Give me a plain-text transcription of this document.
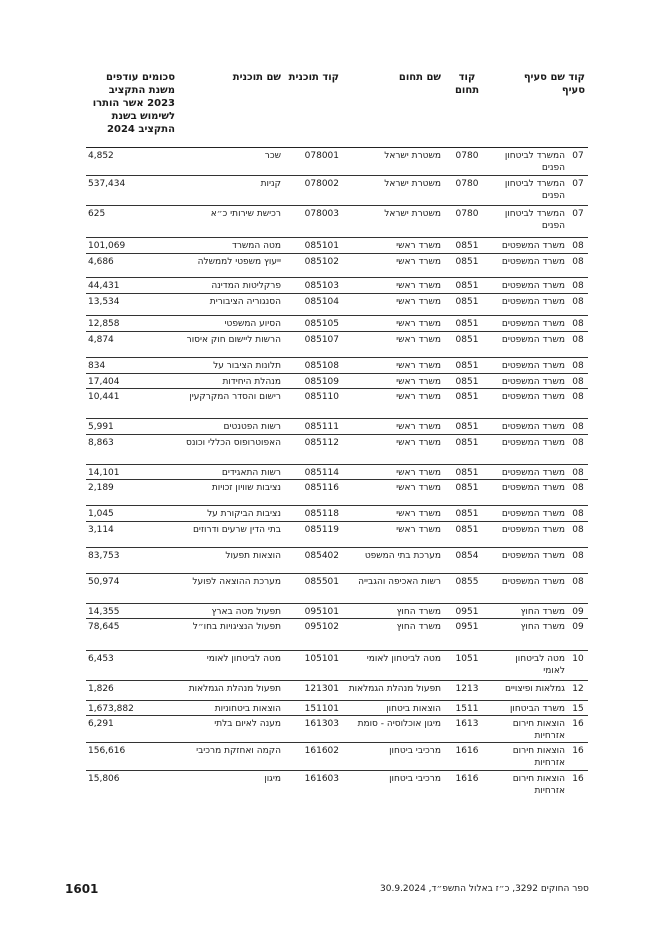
קוד סעיף	שם סעיף	קוד תחום	שם תחום	קוד תוכנית	שם תוכנית	סכומים עודפים משנת התקציב 2023 אשר הותרו לשימוש בשנת התקציב 2024
07	המשרד לביטחון הפנים	0780	משטרת ישראל	078001	שכר	4,852
07	המשרד לביטחון הפנים	0780	משטרת ישראל	078002	קניות	537,434
07	המשרד לביטחון הפנים	0780	משטרת ישראל	078003	רכישת שירותי כ״א	625
08	משרד המשפטים	0851	משרד ראשי	085101	מטה המשרד	101,069
08	משרד המשפטים	0851	משרד ראשי	085102	ייעוץ משפטי לממשלה	4,686
08	משרד המשפטים	0851	משרד ראשי	085103	פרקליטות המדינה	44,431
08	משרד המשפטים	0851	משרד ראשי	085104	הסנגוריה הציבורית	13,534
08	משרד המשפטים	0851	משרד ראשי	085105	הסיוע המשפטי	12,858
08	משרד המשפטים	0851	משרד ראשי	085107	הרשות ליישום חוק איסור	4,874
08	משרד המשפטים	0851	משרד ראשי	085108	תלונות הציבור על	834
08	משרד המשפטים	0851	משרד ראשי	085109	מנהלת היחידות	17,404
08	משרד המשפטים	0851	משרד ראשי	085110	רישום והסדר המקרקעין	10,441
08	משרד המשפטים	0851	משרד ראשי	085111	רשות הפטנטים	5,991
08	משרד המשפטים	0851	משרד ראשי	085112	האפוטרופוס הכללי וכונס	8,863
08	משרד המשפטים	0851	משרד ראשי	085114	רשות התאגידים	14,101
08	משרד המשפטים	0851	משרד ראשי	085116	נציבות שוויון זכויות	2,189
08	משרד המשפטים	0851	משרד ראשי	085118	נציבות הביקורת על	1,045
08	משרד המשפטים	0851	משרד ראשי	085119	בתי הדין שרעים ודרוזים	3,114
08	משרד המשפטים	0854	מערכת בתי המשפט	085402	הוצאות תפעול	83,753
08	משרד המשפטים	0855	רשות האכיפה והגבייה	085501	מערכת ההוצאה לפועל	50,974
09	משרד החוץ	0951	משרד החוץ	095101	תפעול מטה בארץ	14,355
09	משרד החוץ	0951	משרד החוץ	095102	תפעול הנציגויות בחו״ל	78,645
10	מטה לביטחון לאומי	1051	מטה לביטחון לאומי	105101	מטה לביטחון לאומי	6,453
12	גמלאות ופיצויים	1213	תפעול מנהלת הגמלאות	121301	תפעול מנהלת הגמלאות	1,826
15	משרד הביטחון	1511	הוצאות ביטחון	151101	הוצאות ביטחוניות	1,673,882
16	הוצאות חירום אזרחיות	1613	מיגון אוכלוסיה - סומת	161303	מענה לאיום בלתי	6,291
16	הוצאות חירום אזרחיות	1616	מרכיבי ביטחון	161602	הקמה ואחזקת מרכיבי	156,616
16	הוצאות חירום אזרחיות	1616	מרכיבי ביטחון	161603	מיגון	15,806
1601	ספר החוקים 3292, כ״ז באלול התשפ״ד, 30.9.2024
